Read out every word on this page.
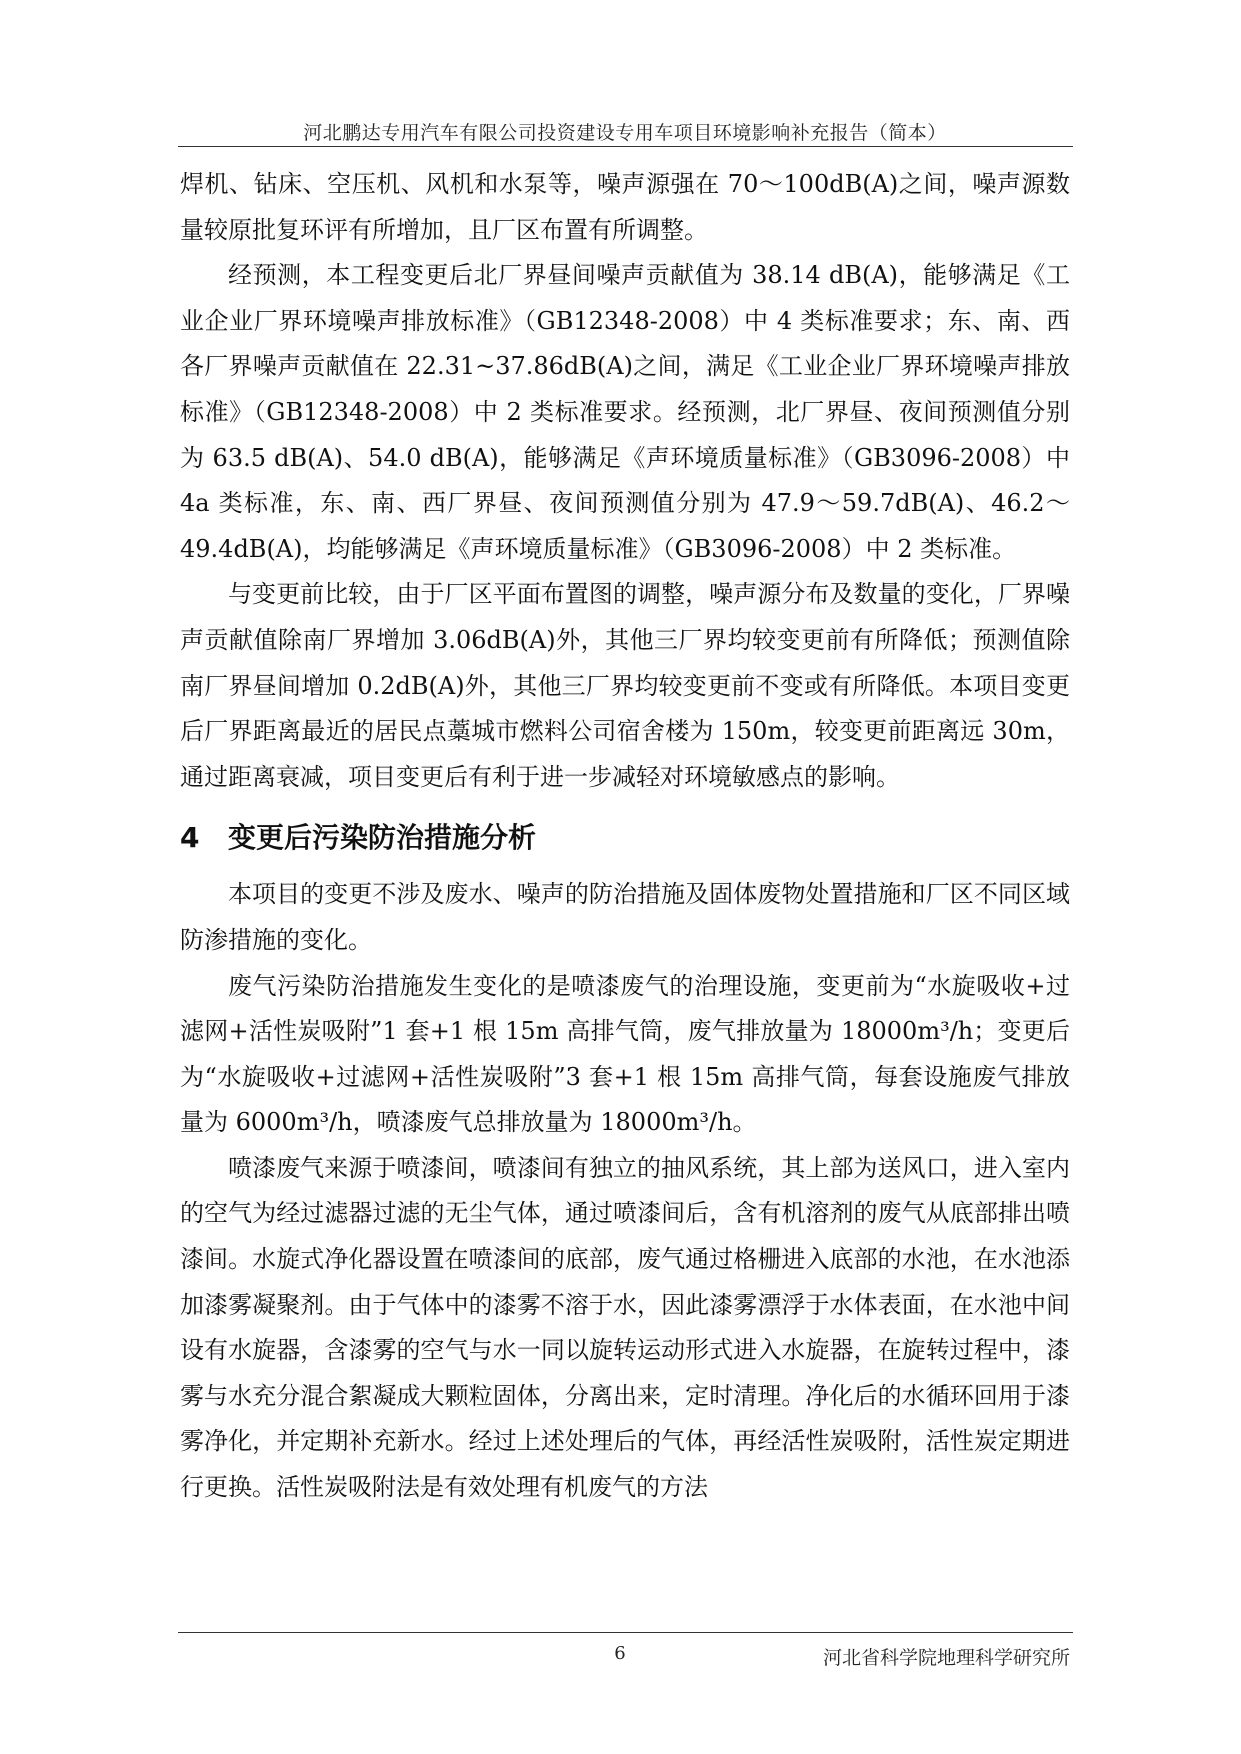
河北鹏达专用汽车有限公司投资建设专用车项目环境影响补充报告（简本）

焊机、钻床、空压机、风机和水泵等，噪声源强在 70～100dB(A)之间，噪声源数量较原批复环评有所增加，且厂区布置有所调整。

经预测，本工程变更后北厂界昼间噪声贡献值为 38.14 dB(A)，能够满足《工业企业厂界环境噪声排放标准》（GB12348-2008）中 4 类标准要求；东、南、西各厂界噪声贡献值在 22.31~37.86dB(A)之间，满足《工业企业厂界环境噪声排放标准》（GB12348-2008）中 2 类标准要求。经预测，北厂界昼、夜间预测值分别为 63.5 dB(A)、54.0 dB(A)，能够满足《声环境质量标准》（GB3096-2008）中 4a 类标准，东、南、西厂界昼、夜间预测值分别为 47.9～59.7dB(A)、46.2～49.4dB(A)，均能够满足《声环境质量标准》（GB3096-2008）中 2 类标准。

与变更前比较，由于厂区平面布置图的调整，噪声源分布及数量的变化，厂界噪声贡献值除南厂界增加 3.06dB(A)外，其他三厂界均较变更前有所降低；预测值除南厂界昼间增加 0.2dB(A)外，其他三厂界均较变更前不变或有所降低。本项目变更后厂界距离最近的居民点藁城市燃料公司宿舍楼为 150m，较变更前距离远 30m，通过距离衰减，项目变更后有利于进一步减轻对环境敏感点的影响。

4 变更后污染防治措施分析

本项目的变更不涉及废水、噪声的防治措施及固体废物处置措施和厂区不同区域防渗措施的变化。

废气污染防治措施发生变化的是喷漆废气的治理设施，变更前为“水旋吸收+过滤网+活性炭吸附”1 套+1 根 15m 高排气筒，废气排放量为 18000m³/h；变更后为“水旋吸收+过滤网+活性炭吸附”3 套+1 根 15m 高排气筒，每套设施废气排放量为 6000m³/h，喷漆废气总排放量为 18000m³/h。

喷漆废气来源于喷漆间，喷漆间有独立的抽风系统，其上部为送风口，进入室内的空气为经过滤器过滤的无尘气体，通过喷漆间后，含有机溶剂的废气从底部排出喷漆间。水旋式净化器设置在喷漆间的底部，废气通过格栅进入底部的水池，在水池添加漆雾凝聚剂。由于气体中的漆雾不溶于水，因此漆雾漂浮于水体表面，在水池中间设有水旋器，含漆雾的空气与水一同以旋转运动形式进入水旋器，在旋转过程中，漆雾与水充分混合絮凝成大颗粒固体，分离出来，定时清理。净化后的水循环回用于漆雾净化，并定期补充新水。经过上述处理后的气体，再经活性炭吸附，活性炭定期进行更换。活性炭吸附法是有效处理有机废气的方法

6	河北省科学院地理科学研究所
